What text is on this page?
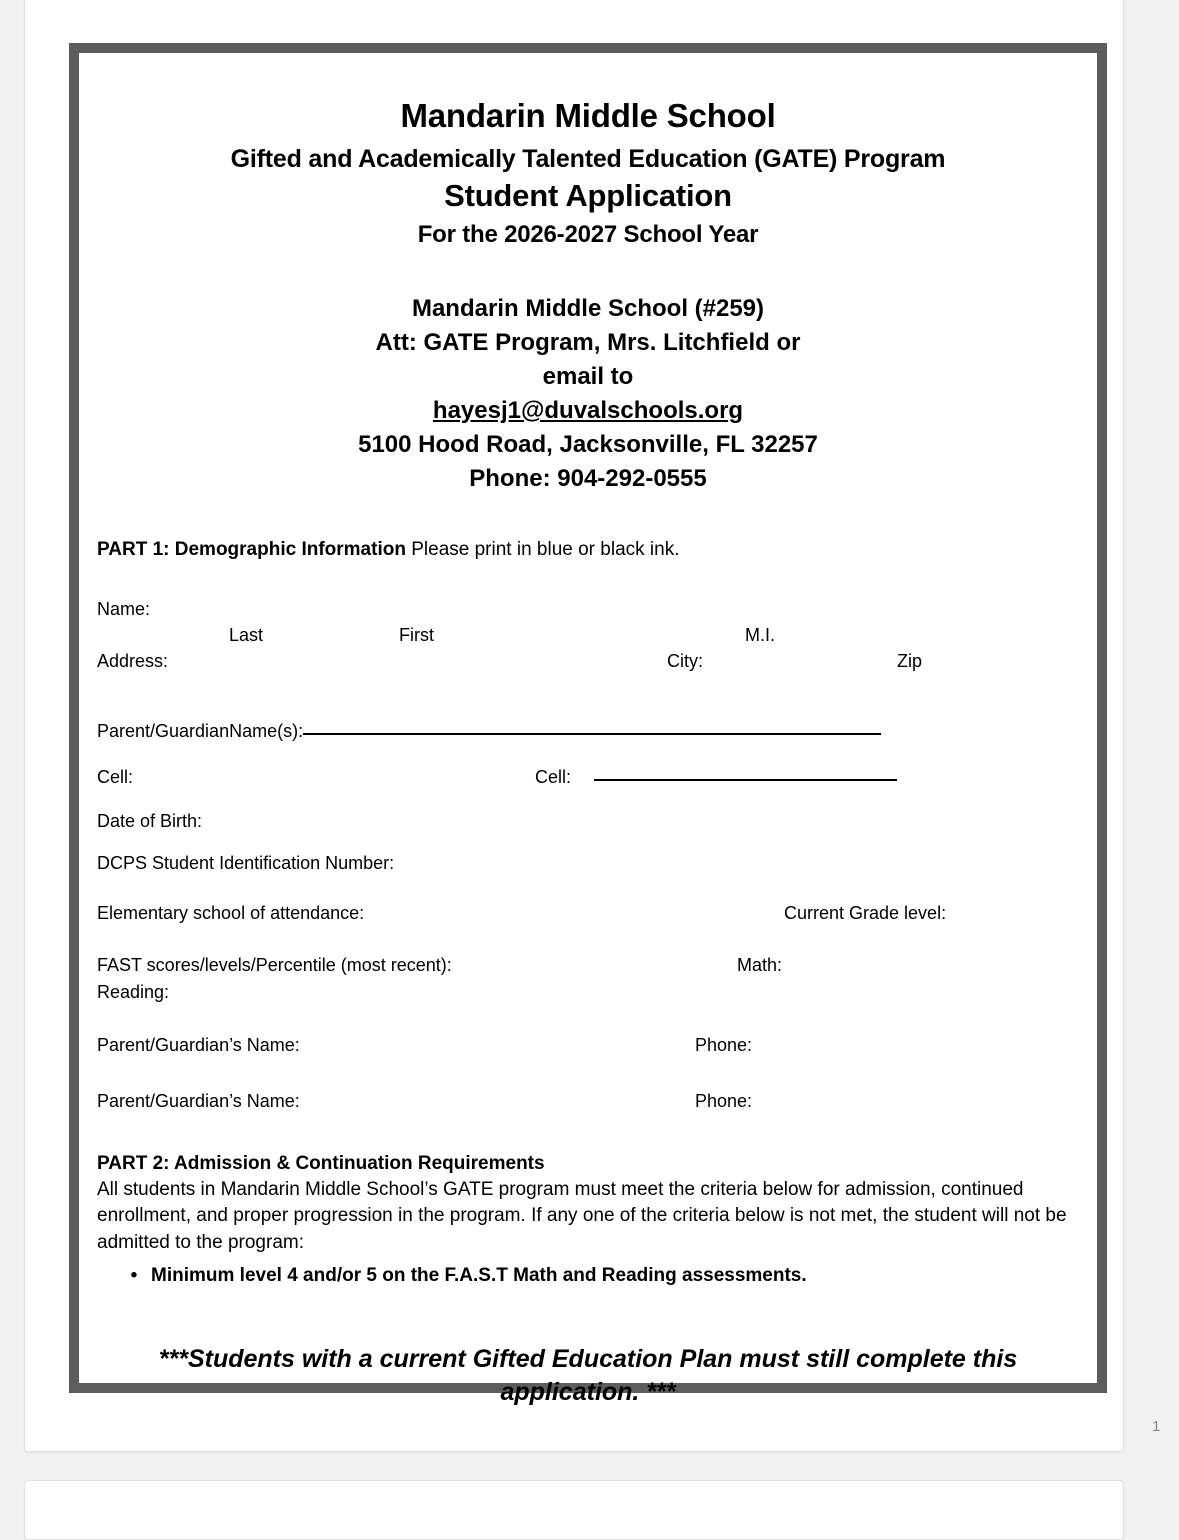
Mandarin Middle School
Gifted and Academically Talented Education (GATE) Program
Student Application
For the 2026-2027 School Year
Mandarin Middle School (#259)
Att: GATE Program, Mrs. Litchfield or
email to
hayesj1@duvalschools.org
5100 Hood Road, Jacksonville, FL 32257
Phone: 904-292-0555
PART 1: Demographic Information Please print in blue or black ink.
Name:
Last	First	M.I.
Address:	City:	Zip
Parent/GuardianName(s):
Cell:	Cell:
Date of Birth:
DCPS Student Identification Number:
Elementary school of attendance:	Current Grade level:
FAST scores/levels/Percentile (most recent):	Math:
Reading:
Parent/Guardian’s Name:	Phone:
Parent/Guardian’s Name:	Phone:
PART 2: Admission & Continuation Requirements
All students in Mandarin Middle School’s GATE program must meet the criteria below for admission, continued enrollment, and proper progression in the program. If any one of the criteria below is not met, the student will not be admitted to the program:
• Minimum level 4 and/or 5 on the F.A.S.T Math and Reading assessments.
***Students with a current Gifted Education Plan must still complete this application. ***
1
